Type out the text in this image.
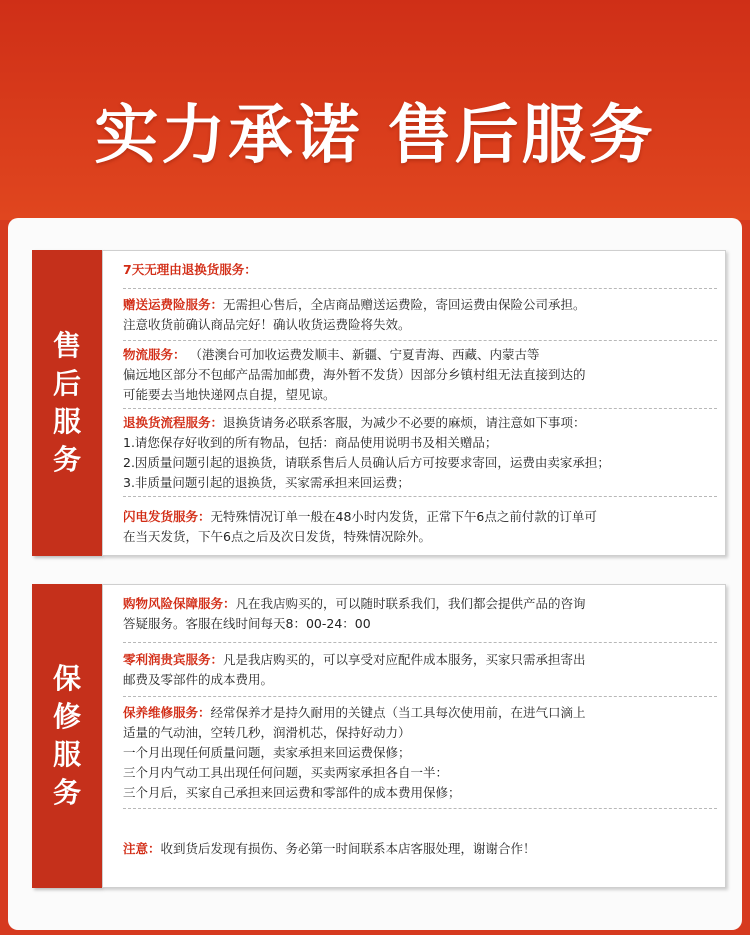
实力承诺 售后服务
售
后
服
务
7天无理由退换货服务：
赠送运费险服务：无需担心售后，全店商品赠送运费险，寄回运费由保险公司承担。
注意收货前确认商品完好！确认收货运费险将失效。
物流服务： （港澳台可加收运费发顺丰、新疆、宁夏青海、西藏、内蒙古等
偏远地区部分不包邮产品需加邮费，海外暂不发货）因部分乡镇村组无法直接到达的
可能要去当地快递网点自提，望见谅。
退换货流程服务：退换货请务必联系客服，为减少不必要的麻烦，请注意如下事项：
1.请您保存好收到的所有物品，包括：商品使用说明书及相关赠品；
2.因质量问题引起的退换货，请联系售后人员确认后方可按要求寄回，运费由卖家承担；
3.非质量问题引起的退换货，买家需承担来回运费；
闪电发货服务：无特殊情况订单一般在48小时内发货，正常下午6点之前付款的订单可
在当天发货，下午6点之后及次日发货，特殊情况除外。
保
修
服
务
购物风险保障服务：凡在我店购买的，可以随时联系我们，我们都会提供产品的咨询
答疑服务。客服在线时间每天8：00-24：00
零利润贵宾服务：凡是我店购买的，可以享受对应配件成本服务，买家只需承担寄出
邮费及零部件的成本费用。
保养维修服务：经常保养才是持久耐用的关键点（当工具每次使用前，在进气口滴上
适量的气动油，空转几秒，润滑机芯，保持好动力）
一个月出现任何质量问题，卖家承担来回运费保修；
三个月内气动工具出现任何问题，买卖两家承担各自一半：
三个月后，买家自己承担来回运费和零部件的成本费用保修；
注意：收到货后发现有损伤、务必第一时间联系本店客服处理，谢谢合作！
